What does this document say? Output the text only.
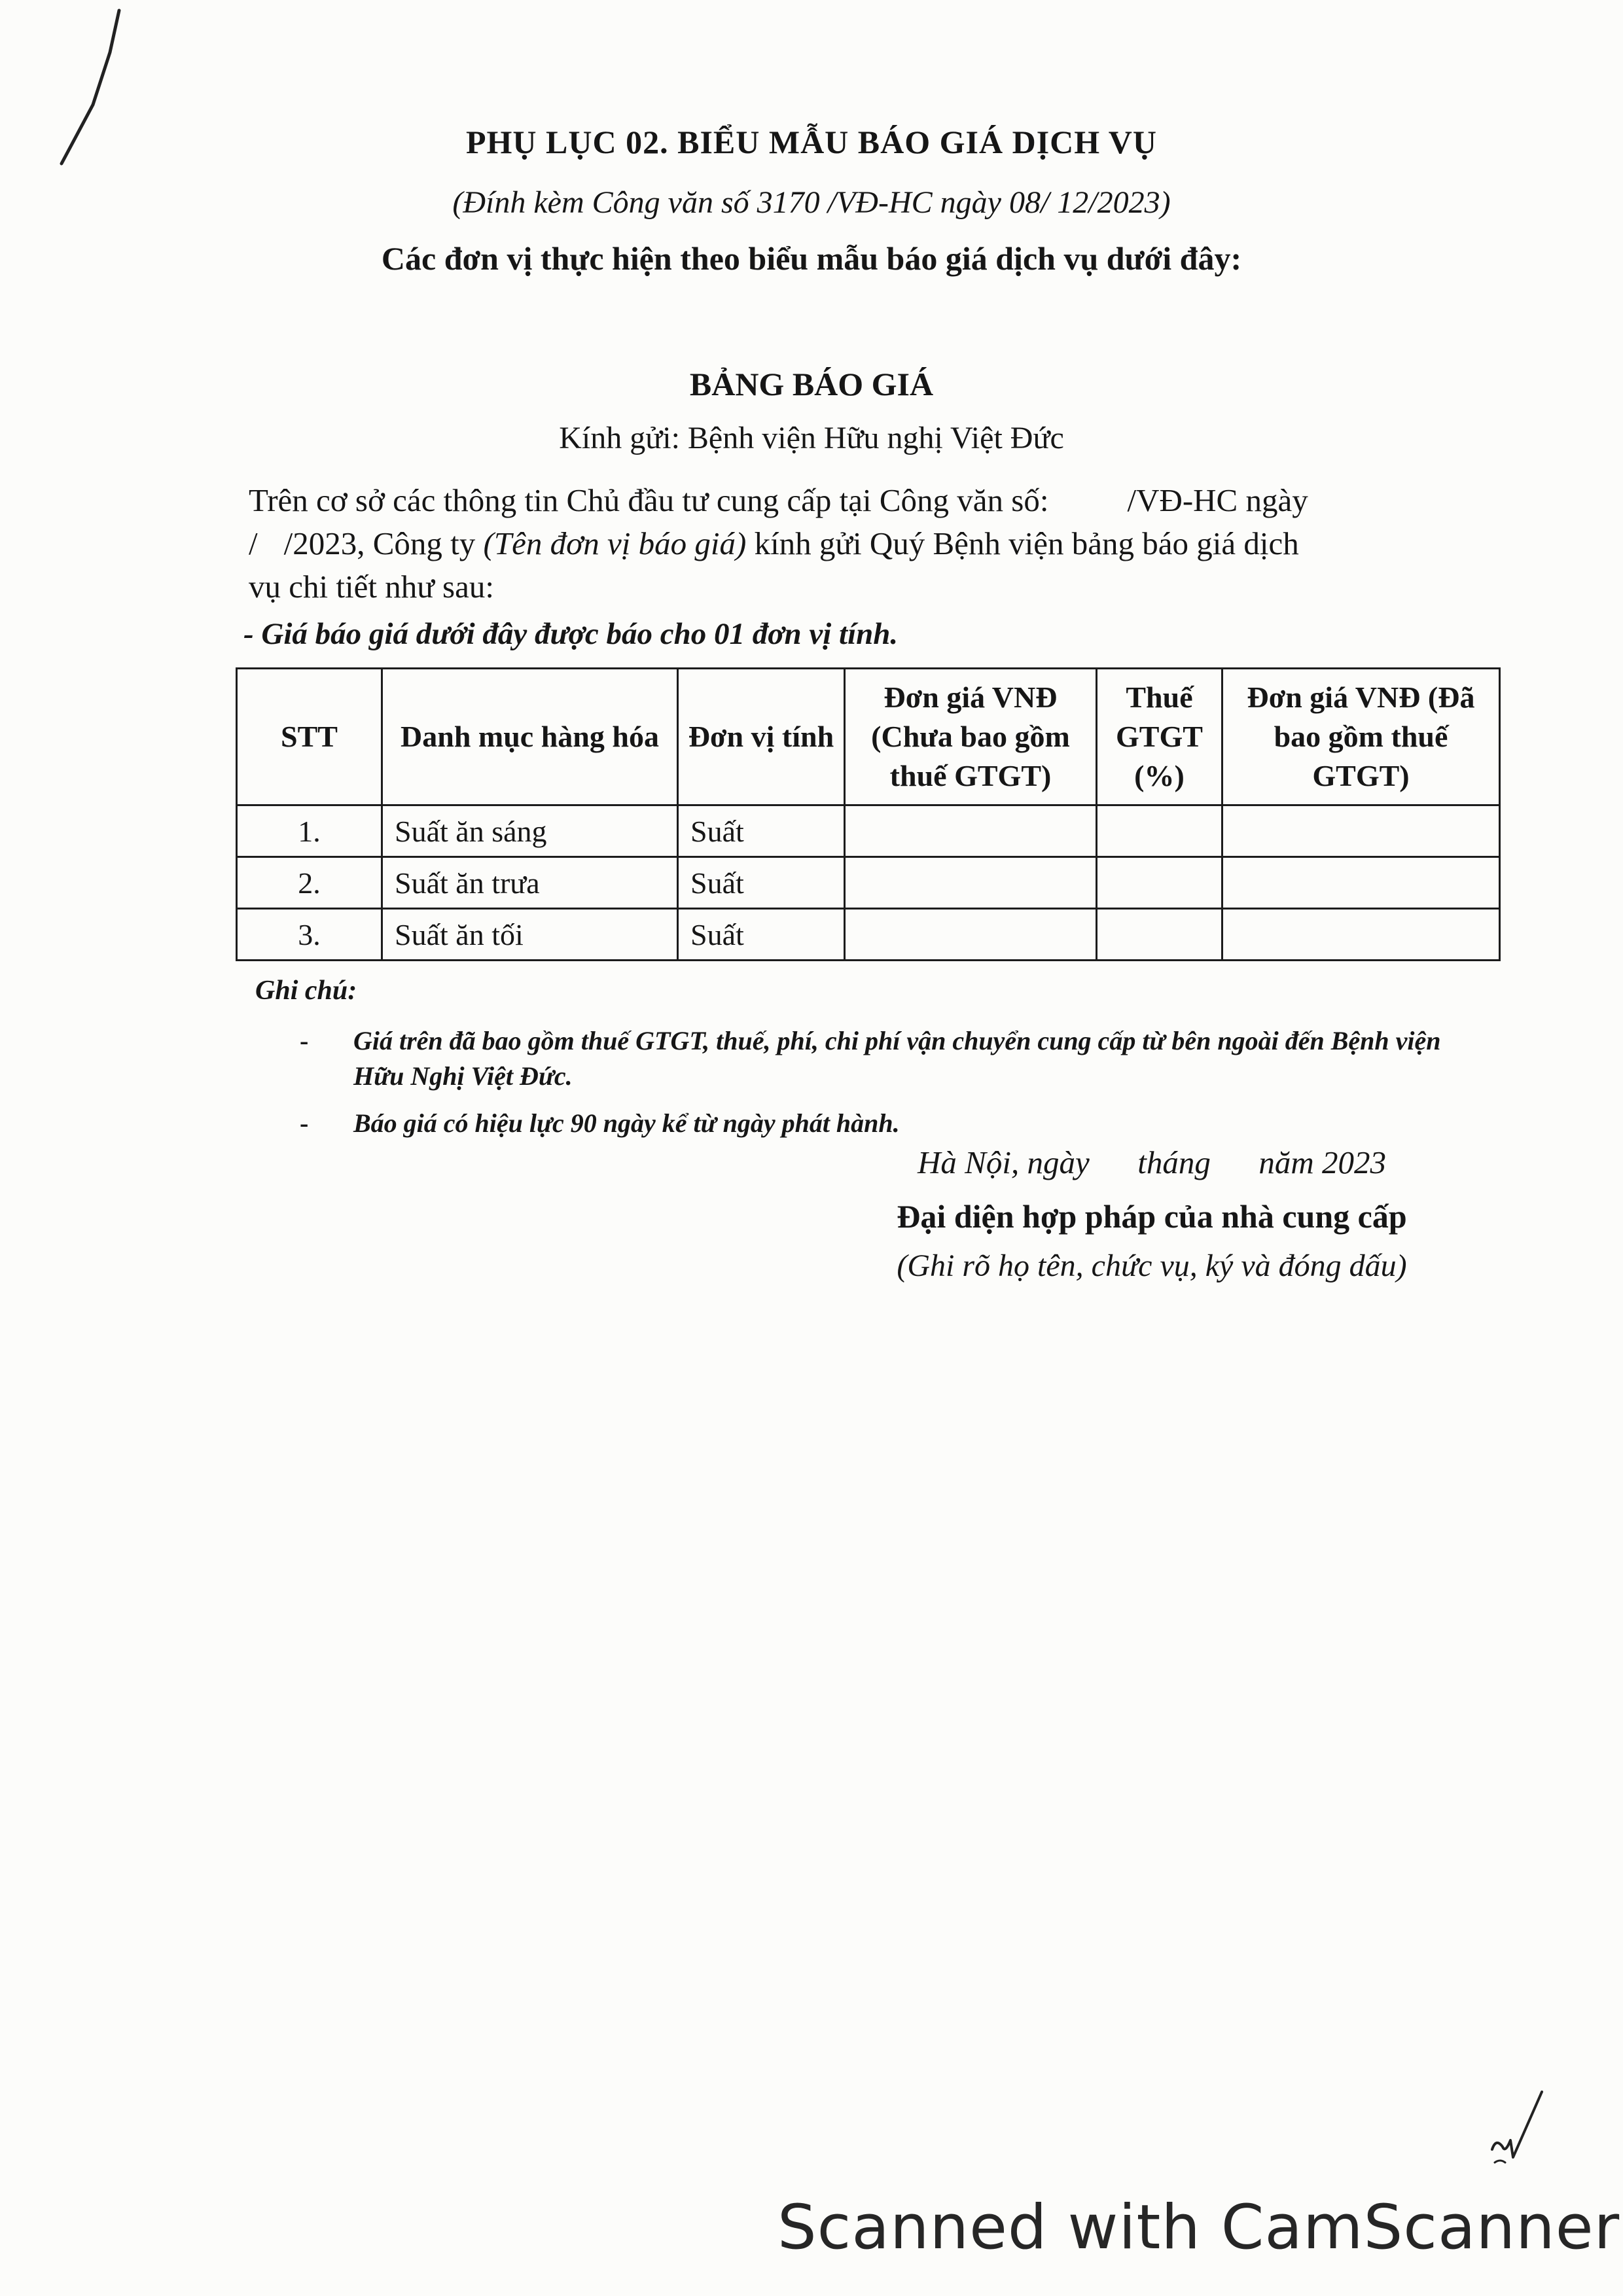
PHỤ LỤC 02. BIỂU MẪU BÁO GIÁ DỊCH VỤ
(Đính kèm Công văn số 3170 /VĐ-HC ngày 08/ 12/2023)
Các đơn vị thực hiện theo biểu mẫu báo giá dịch vụ dưới đây:
BẢNG BÁO GIÁ
Kính gửi: Bệnh viện Hữu nghị Việt Đức

Trên cơ sở các thông tin Chủ đầu tư cung cấp tại Công văn số: /VĐ-HC ngày

/ /2023, Công ty (Tên đơn vị báo giá) kính gửi Quý Bệnh viện bảng báo giá dịch

vụ chi tiết như sau:

- Giá báo giá dưới đây được báo cho 01 đơn vị tính.
STT	Danh mục hàng hóa	Đơn vị tính	Đơn giá VNĐ (Chưa bao gồm thuế GTGT)	Thuế GTGT (%)	Đơn giá VNĐ (Đã bao gồm thuế GTGT)
1.	Suất ăn sáng	Suất			
2.	Suất ăn trưa	Suất			
3.	Suất ăn tối	Suất			
Ghi chú:
- Giá trên đã bao gồm thuế GTGT, thuế, phí, chi phí vận chuyển cung cấp từ bên ngoài đến Bệnh viện Hữu Nghị Việt Đức.
- Báo giá có hiệu lực 90 ngày kể từ ngày phát hành.
Hà Nội, ngày      tháng      năm 2023
Đại diện hợp pháp của nhà cung cấp
(Ghi rõ họ tên, chức vụ, ký và đóng dấu)
Scanned with CamScanner
